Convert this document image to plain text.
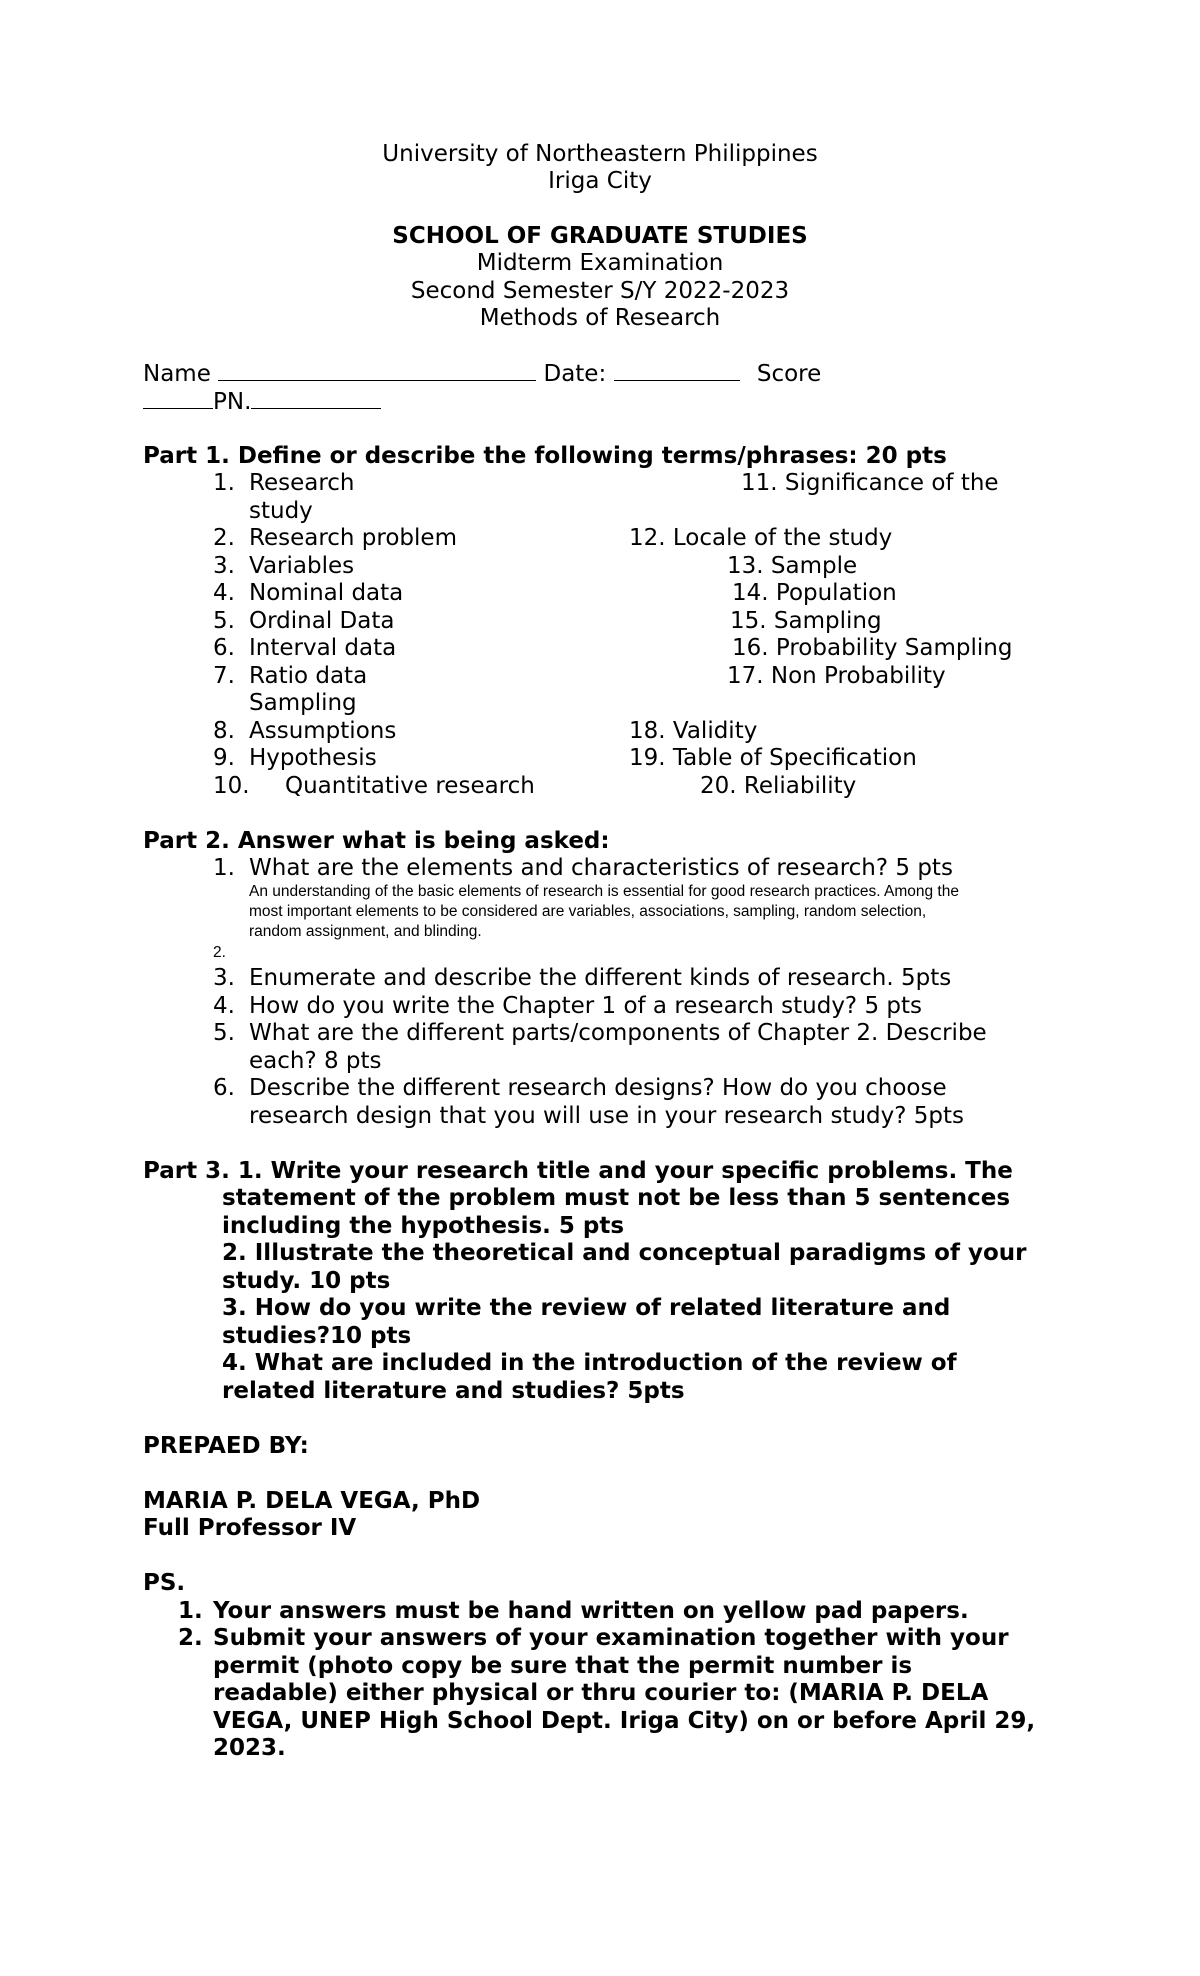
University of Northeastern Philippines
Iriga City
SCHOOL OF GRADUATE STUDIES
Midterm Examination
Second Semester S/Y 2022-2023
Methods of Research
Name	Date:	Score
PN.
Part 1. Define or describe the following terms/phrases: 20 pts
1. Research
study
2. Research problem
3. Variables
4. Nominal data
5. Ordinal Data
6. Interval data
7. Ratio data
Sampling
8. Assumptions
9. Hypothesis
10. Quantitative research
11. Significance of the
12. Locale of the study
13. Sample
14. Population
15. Sampling
16. Probability Sampling
17. Non Probability
18. Validity
19. Table of Specification
20. Reliability
Part 2. Answer what is being asked:
1. What are the elements and characteristics of research? 5 pts
An understanding of the basic elements of research is essential for good research practices. Among the
most important elements to be considered are variables, associations, sampling, random selection,
random assignment, and blinding.
2.
3. Enumerate and describe the different kinds of research. 5pts
4. How do you write the Chapter 1 of a research study? 5 pts
5. What are the different parts/components of Chapter 2. Describe
each? 8 pts
6. Describe the different research designs? How do you choose
research design that you will use in your research study? 5pts
Part 3. 1. Write your research title and your specific problems. The
statement of the problem must not be less than 5 sentences
including the hypothesis. 5 pts
2. Illustrate the theoretical and conceptual paradigms of your
study. 10 pts
3. How do you write the review of related literature and
studies?10 pts
4. What are included in the introduction of the review of
related literature and studies? 5pts
PREPAED BY:
MARIA P. DELA VEGA, PhD
Full Professor IV
PS.
1. Your answers must be hand written on yellow pad papers.
2. Submit your answers of your examination together with your
permit (photo copy be sure that the permit number is
readable) either physical or thru courier to: (MARIA P. DELA
VEGA, UNEP High School Dept. Iriga City) on or before April 29,
2023.
